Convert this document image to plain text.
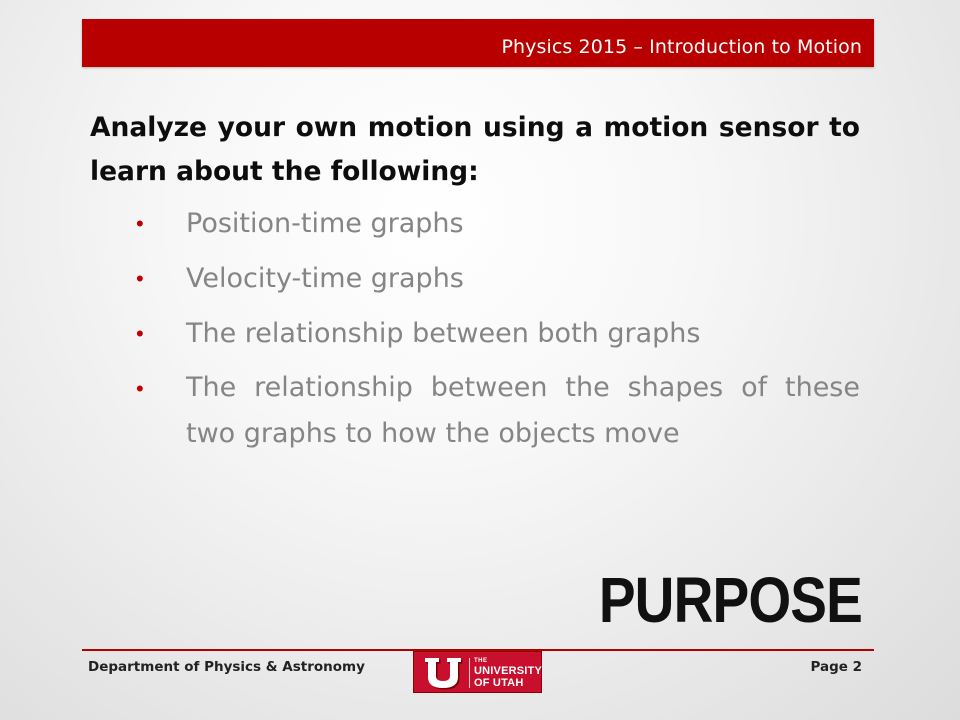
Physics 2015 – Introduction to Motion

Analyze your own motion using a motion sensor to learn about the following:

• Position-time graphs
• Velocity-time graphs
• The relationship between both graphs
• The relationship between the shapes of these two graphs to how the objects move
PURPOSE
Department of Physics & Astronomy	THE
UNIVERSITY
OF UTAH
Page 2
